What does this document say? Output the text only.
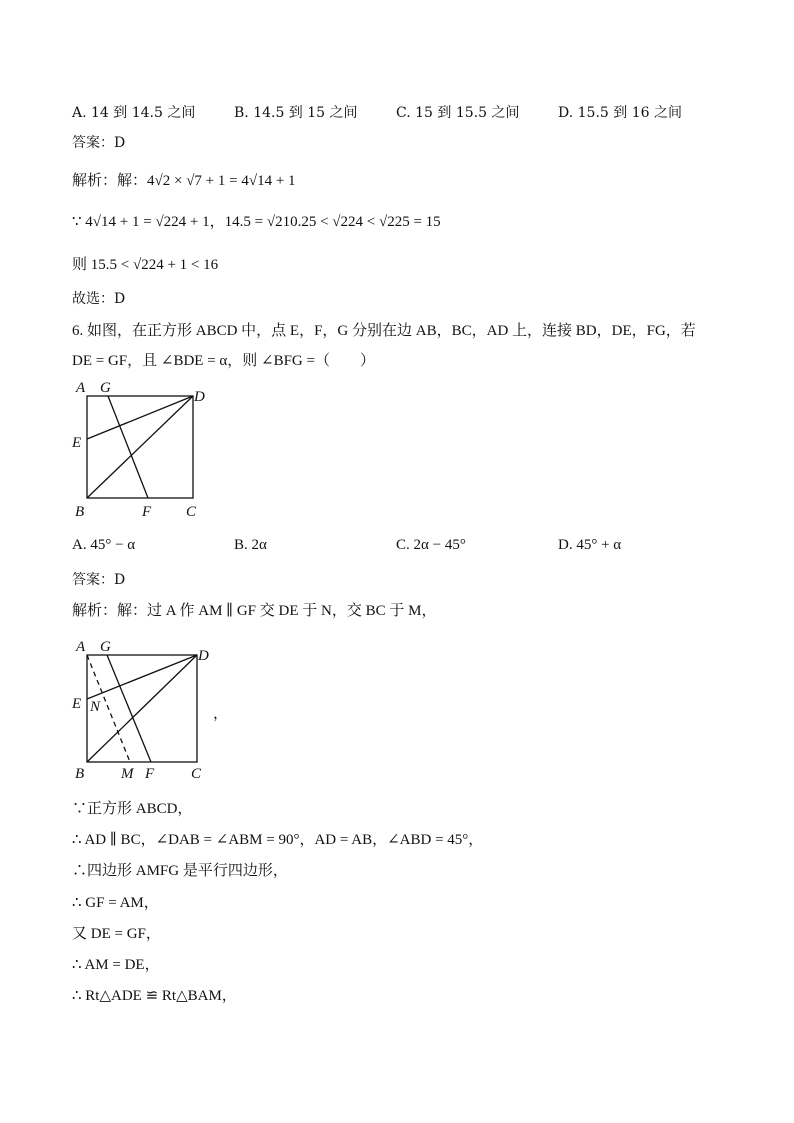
A. 14 到 14.5 之间	B. 14.5 到 15 之间	C. 15 到 15.5 之间	D. 15.5 到 16 之间
答案：D
解析：解：4√2 × √7 + 1 = 4√14 + 1
∵ 4√14 + 1 = √224 + 1，14.5 = √210.25 < √224 < √225 = 15
则 15.5 < √224 + 1 < 16
故选：D
6. 如图，在正方形 ABCD 中，点 E，F，G 分别在边 AB，BC，AD 上，连接 BD，DE，FG，若
DE = GF，且 ∠BDE = α，则 ∠BFG =（　　）
A G
D
E
B	F C
A. 45° − α	B. 2α	C. 2α − 45°	D. 45° + α
答案：D
解析：解：过 A 作 AM ∥ GF 交 DE 于 N，交 BC 于 M，
A G
D
E N
B M F C
，
∵正方形 ABCD，
∴ AD ∥ BC，∠DAB = ∠ABM = 90°，AD = AB，∠ABD = 45°，
∴四边形 AMFG 是平行四边形，
∴ GF = AM，
又 DE = GF，
∴ AM = DE，
∴ Rt△ADE ≌ Rt△BAM，
